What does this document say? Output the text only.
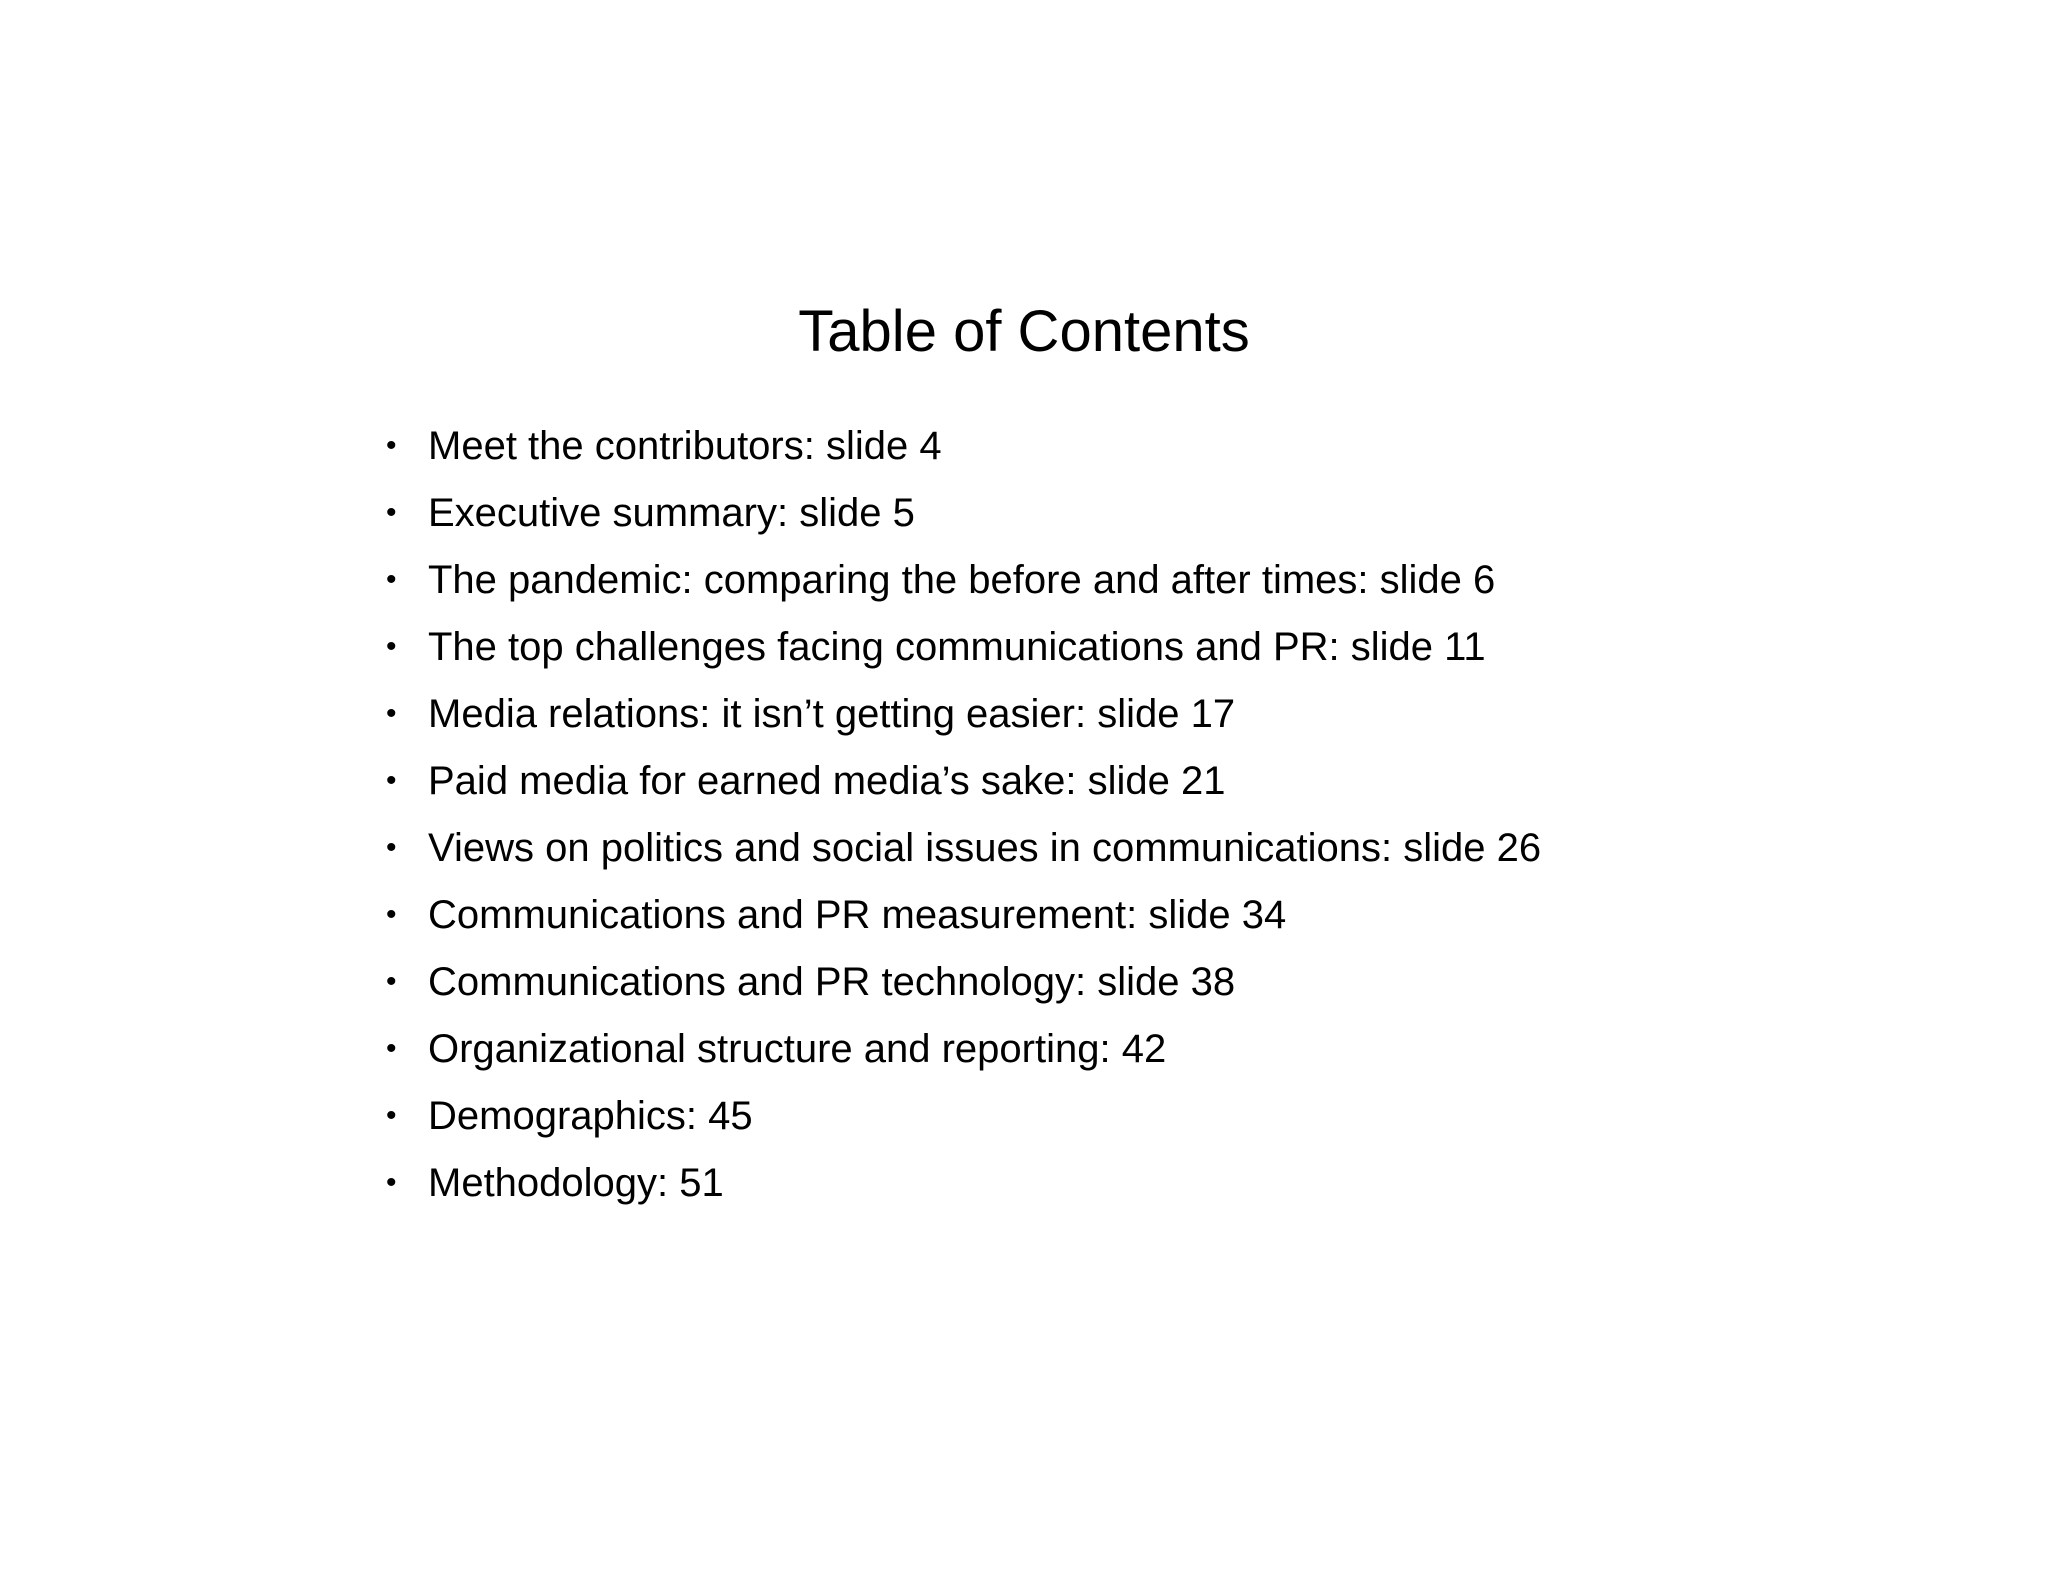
Table of Contents
• Meet the contributors: slide 4
• Executive summary: slide 5
• The pandemic: comparing the before and after times: slide 6
• The top challenges facing communications and PR: slide 11
• Media relations: it isn’t getting easier: slide 17
• Paid media for earned media’s sake: slide 21
• Views on politics and social issues in communications: slide 26
• Communications and PR measurement: slide 34
• Communications and PR technology: slide 38
• Organizational structure and reporting: 42
• Demographics: 45
• Methodology: 51
